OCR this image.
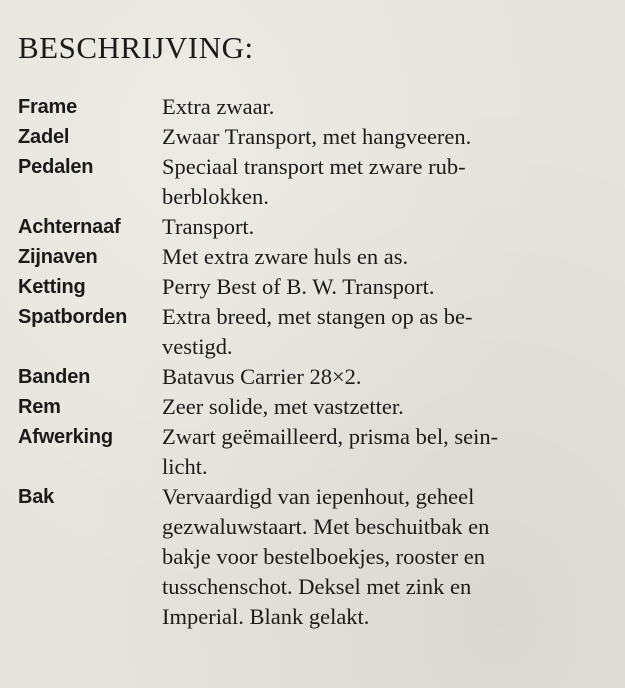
BESCHRIJVING:
Frame	Extra zwaar.
Zadel	Zwaar Transport, met hangveeren.
Pedalen	Speciaal transport met zware rub-
berblokken.
Achternaaf	Transport.
Zijnaven	Met extra zware huls en as.
Ketting	Perry Best of B. W. Transport.
Spatborden	Extra breed, met stangen op as be-
vestigd.
Banden	Batavus Carrier 28×2.
Rem	Zeer solide, met vastzetter.
Afwerking	Zwart geëmailleerd, prisma bel, sein-
licht.
Bak	Vervaardigd van iepenhout, geheel
gezwaluwstaart. Met beschuitbak en
bakje voor bestelboekjes, rooster en
tusschenschot. Deksel met zink en
Imperial. Blank gelakt.
